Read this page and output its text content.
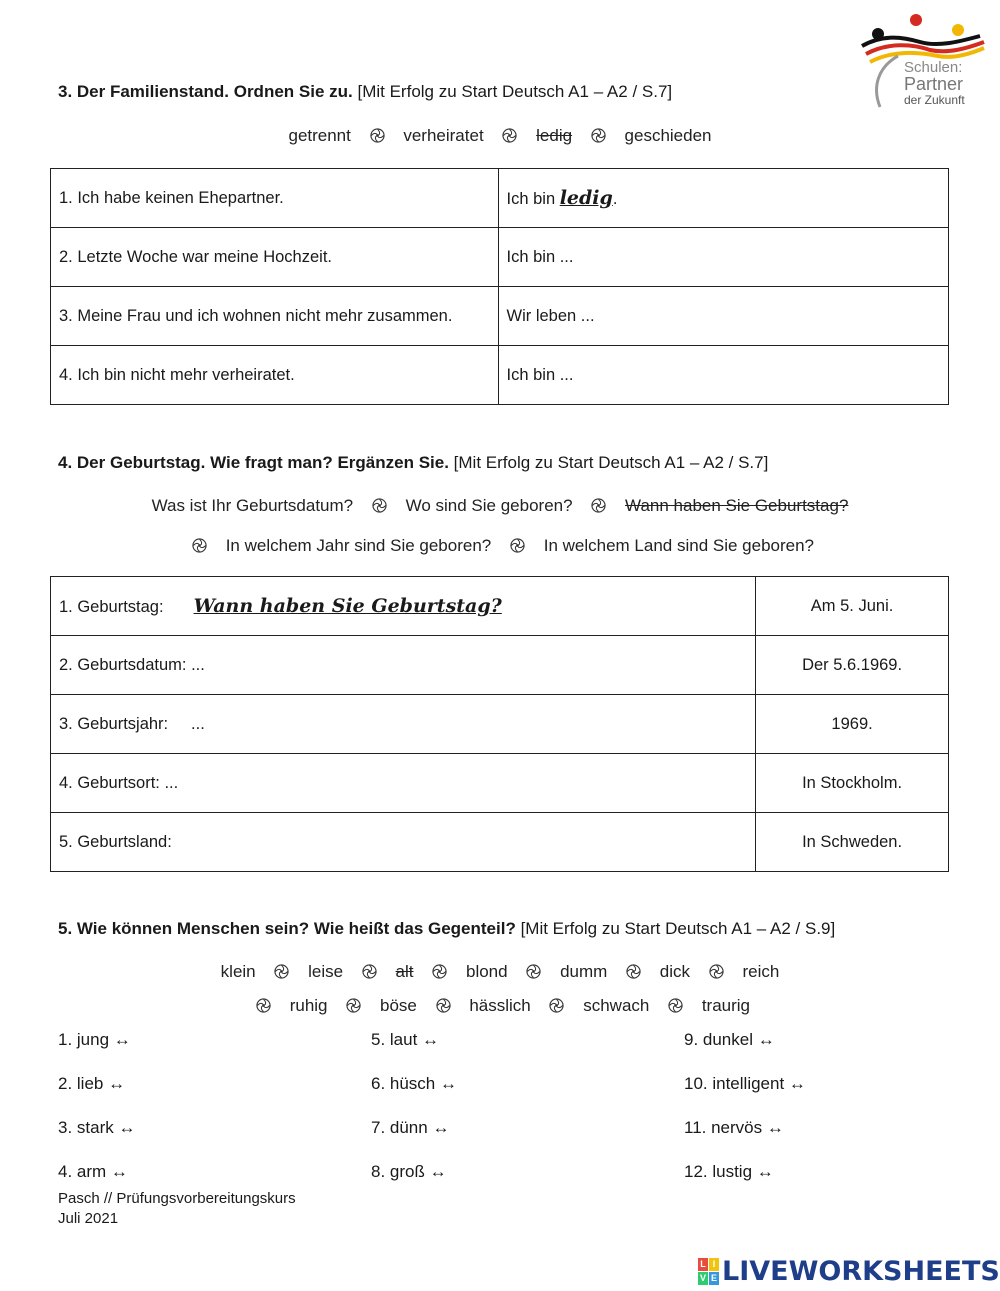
Schulen:
Partner
der Zukunft
3. Der Familienstand. Ordnen Sie zu. [Mit Erfolg zu Start Deutsch A1 – A2 / S.7]
getrennt	verheiratet	ledig	geschieden
1. Ich habe keinen Ehepartner.	Ich bin ledig.
2. Letzte Woche war meine Hochzeit.	Ich bin ...
3. Meine Frau und ich wohnen nicht mehr zusammen.	Wir leben ...
4. Ich bin nicht mehr verheiratet.	Ich bin ...
4. Der Geburtstag. Wie fragt man? Ergänzen Sie. [Mit Erfolg zu Start Deutsch A1 – A2 / S.7]
Was ist Ihr Geburtsdatum?	Wo sind Sie geboren?	Wann haben Sie Geburtstag?
In welchem Jahr sind Sie geboren?	In welchem Land sind Sie geboren?
1. Geburtstag: Wann haben Sie Geburtstag?	Am 5. Juni.
2. Geburtsdatum: ...	Der 5.6.1969.
3. Geburtsjahr:     ...	1969.
4. Geburtsort: ...	In Stockholm.
5. Geburtsland:	In Schweden.
5. Wie können Menschen sein? Wie heißt das Gegenteil? [Mit Erfolg zu Start Deutsch A1 – A2 / S.9]
klein	leise	alt	blond	dumm	dick	reich
ruhig	böse	hässlich	schwach	traurig
1. jung ↔
2. lieb ↔
3. stark ↔
4. arm ↔
5. laut ↔
6. hüsch ↔
7. dünn ↔
8. groß ↔
9. dunkel ↔
10. intelligent ↔
11. nervös ↔
12. lustig ↔
Pasch // Prüfungsvorbereitungskurs
Juli 2021
L I
V E LIVEWORKSHEETS
